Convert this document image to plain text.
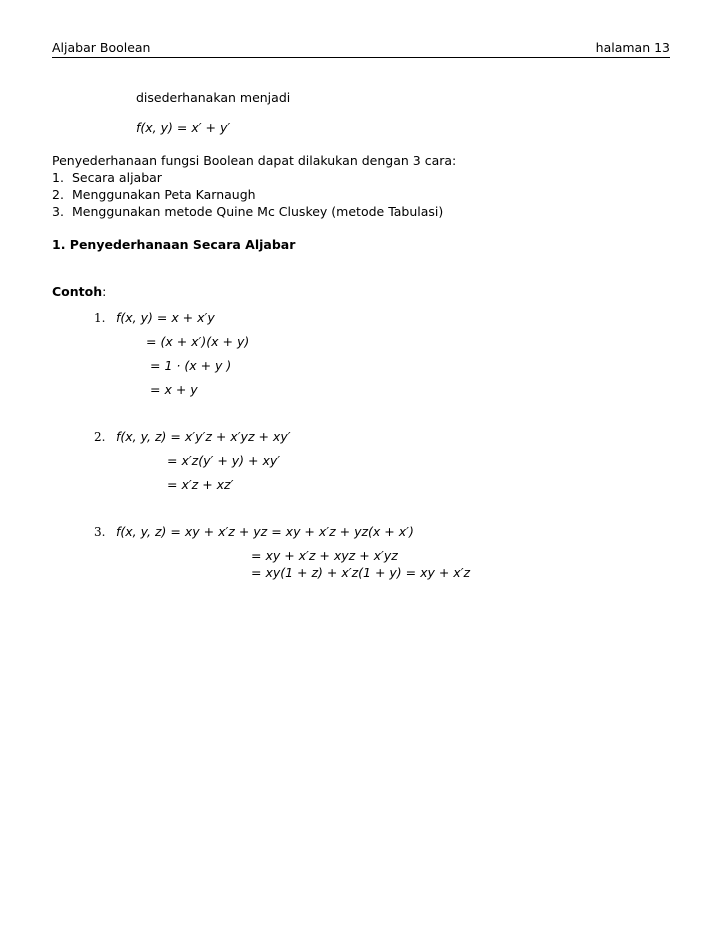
Aljabar Boolean	halaman 13
disederhanakan menjadi
f(x, y) = x′ + y′
Penyederhanaan fungsi Boolean dapat dilakukan dengan 3 cara:
1. Secara aljabar
2. Menggunakan Peta Karnaugh
3. Menggunakan metode Quine Mc Cluskey (metode Tabulasi)
1. Penyederhanaan Secara Aljabar
Contoh:
1. f(x, y) = x + x′y
= (x + x′)(x + y)
= 1 · (x + y )
= x + y
2. f(x, y, z) = x′y′z + x′yz + xy′
= x′z(y′ + y) + xy′
= x′z + xz′
3. f(x, y, z) = xy + x′z + yz = xy + x′z + yz(x + x′)
= xy + x′z + xyz + x′yz
= xy(1 + z) + x′z(1 + y) = xy + x′z
